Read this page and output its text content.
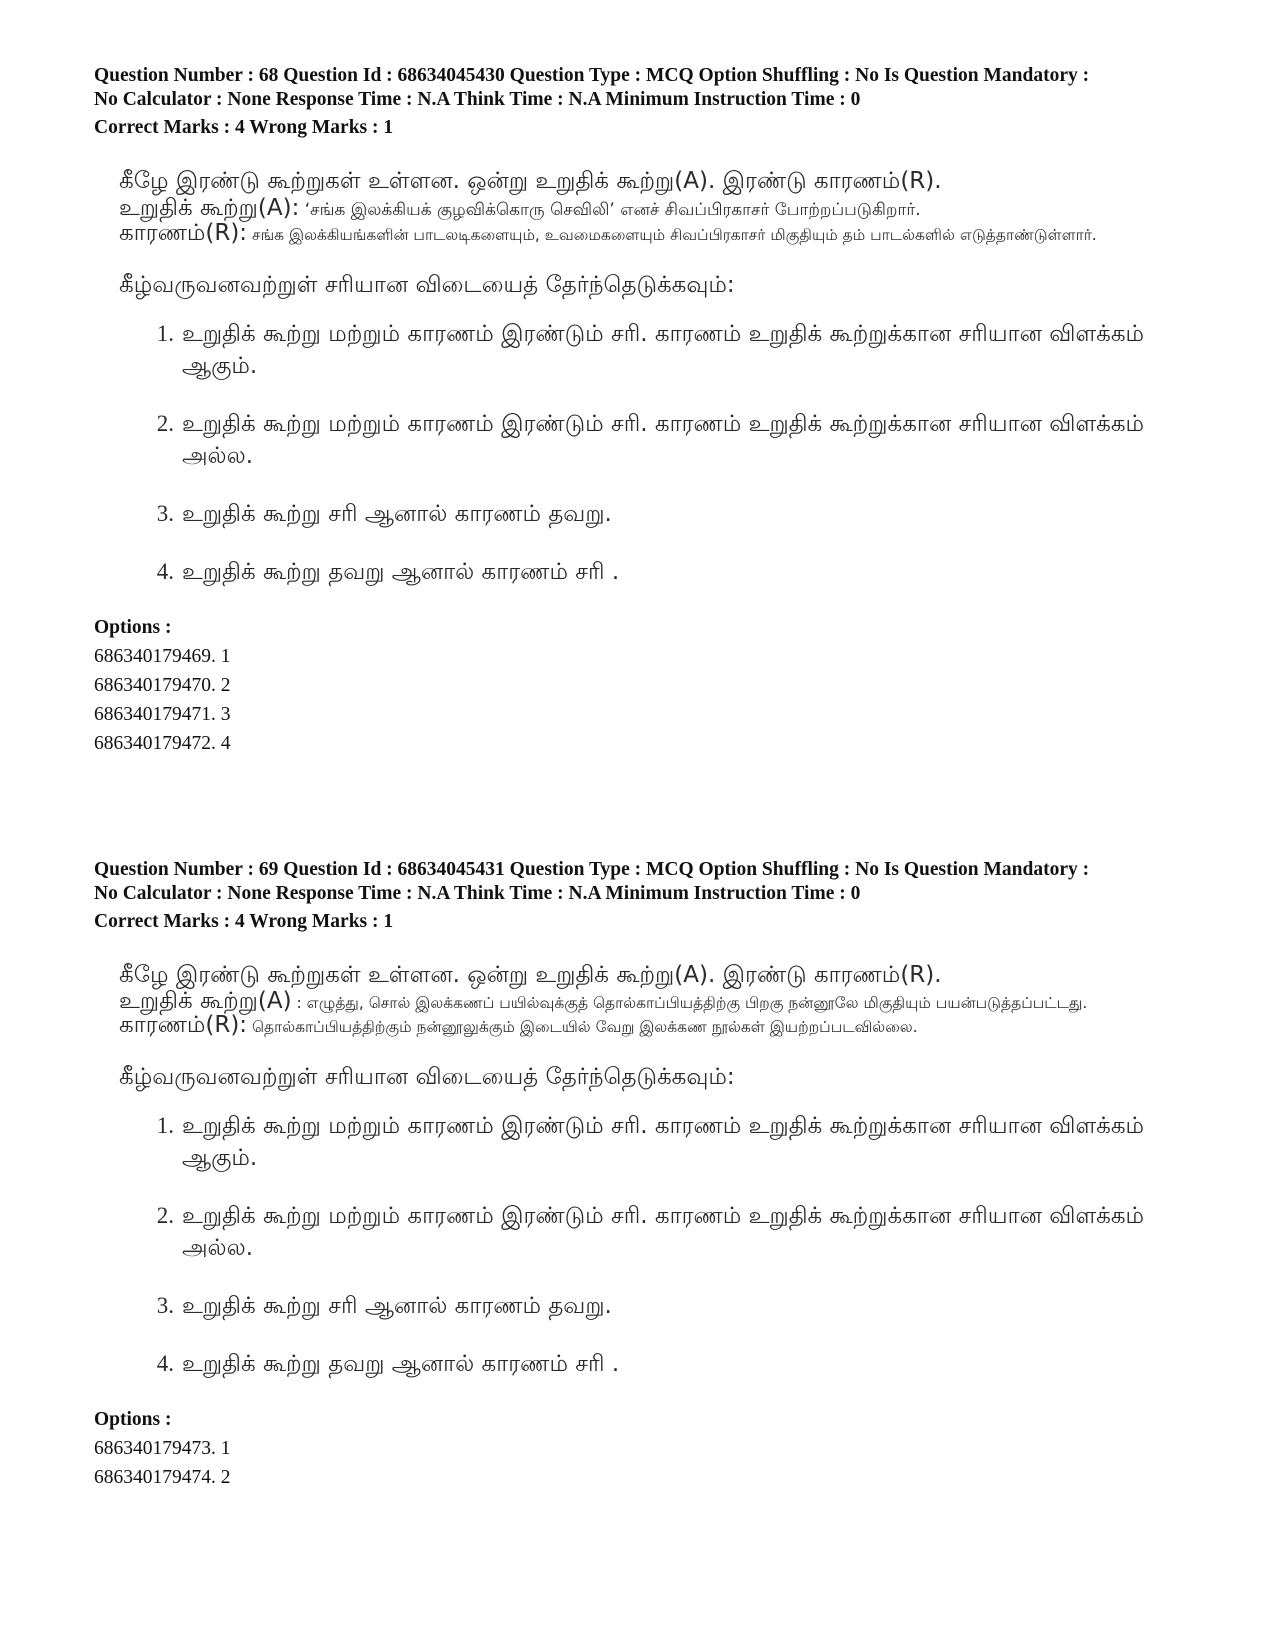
Question Number : 68 Question Id : 68634045430 Question Type : MCQ Option Shuffling : No Is Question Mandatory :
No Calculator : None Response Time : N.A Think Time : N.A Minimum Instruction Time : 0
Correct Marks : 4 Wrong Marks : 1
கீழே இரண்டு கூற்றுகள் உள்ளன. ஒன்று உறுதிக் கூற்று(A). இரண்டு காரணம்(R).
உறுதிக் கூற்று(A): ‘சங்க இலக்கியக் குழவிக்கொரு செவிலி’ எனச் சிவப்பிரகாசர் போற்றப்படுகிறார்.
காரணம்(R): சங்க இலக்கியங்களின் பாடலடிகளையும், உவமைகளையும் சிவப்பிரகாசர் மிகுதியும் தம் பாடல்களில் எடுத்தாண்டுள்ளார்.
கீழ்வருவனவற்றுள் சரியான விடையைத் தேர்ந்தெடுக்கவும்:
1. உறுதிக் கூற்று மற்றும் காரணம் இரண்டும் சரி. காரணம் உறுதிக் கூற்றுக்கான சரியான விளக்கம் ஆகும்.
2. உறுதிக் கூற்று மற்றும் காரணம் இரண்டும் சரி. காரணம் உறுதிக் கூற்றுக்கான சரியான விளக்கம் அல்ல.
3. உறுதிக் கூற்று சரி ஆனால் காரணம் தவறு.
4. உறுதிக் கூற்று தவறு ஆனால் காரணம் சரி .
Options :
686340179469. 1
686340179470. 2
686340179471. 3
686340179472. 4
Question Number : 69 Question Id : 68634045431 Question Type : MCQ Option Shuffling : No Is Question Mandatory :
No Calculator : None Response Time : N.A Think Time : N.A Minimum Instruction Time : 0
Correct Marks : 4 Wrong Marks : 1
கீழே இரண்டு கூற்றுகள் உள்ளன. ஒன்று உறுதிக் கூற்று(A). இரண்டு காரணம்(R).
உறுதிக் கூற்று(A) : எழுத்து, சொல் இலக்கணப் பயில்வுக்குத் தொல்காப்பியத்திற்கு பிறகு நன்னூலே மிகுதியும் பயன்படுத்தப்பட்டது.
காரணம்(R): தொல்காப்பியத்திற்கும் நன்னூலுக்கும் இடையில் வேறு இலக்கண நூல்கள் இயற்றப்படவில்லை.
கீழ்வருவனவற்றுள் சரியான விடையைத் தேர்ந்தெடுக்கவும்:
1. உறுதிக் கூற்று மற்றும் காரணம் இரண்டும் சரி. காரணம் உறுதிக் கூற்றுக்கான சரியான விளக்கம் ஆகும்.
2. உறுதிக் கூற்று மற்றும் காரணம் இரண்டும் சரி. காரணம் உறுதிக் கூற்றுக்கான சரியான விளக்கம் அல்ல.
3. உறுதிக் கூற்று சரி ஆனால் காரணம் தவறு.
4. உறுதிக் கூற்று தவறு ஆனால் காரணம் சரி .
Options :
686340179473. 1
686340179474. 2
